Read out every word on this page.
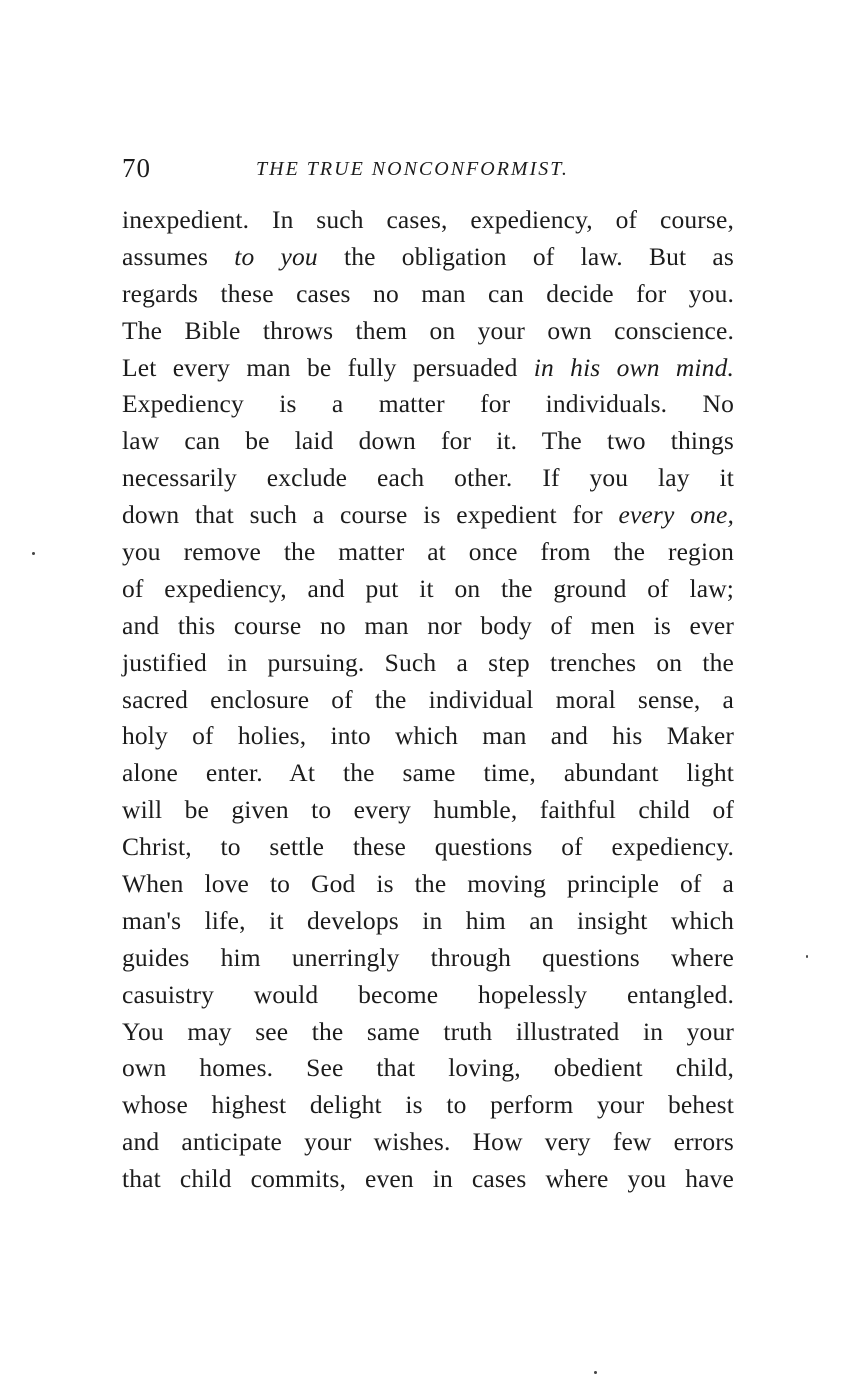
70	THE TRUE NONCONFORMIST.
inexpedient. In such cases, expediency, of course,
assumes to you the obligation of law. But as
regards these cases no man can decide for you.
The Bible throws them on your own conscience.
Let every man be fully persuaded in his own mind.
Expediency is a matter for individuals. No
law can be laid down for it. The two things
necessarily exclude each other. If you lay it
down that such a course is expedient for every one,
you remove the matter at once from the region
of expediency, and put it on the ground of law;
and this course no man nor body of men is ever
justified in pursuing. Such a step trenches on the
sacred enclosure of the individual moral sense, a
holy of holies, into which man and his Maker
alone enter. At the same time, abundant light
will be given to every humble, faithful child of
Christ, to settle these questions of expediency.
When love to God is the moving principle of a
man's life, it develops in him an insight which
guides him unerringly through questions where
casuistry would become hopelessly entangled.
You may see the same truth illustrated in your
own homes. See that loving, obedient child,
whose highest delight is to perform your behest
and anticipate your wishes. How very few errors
that child commits, even in cases where you have
